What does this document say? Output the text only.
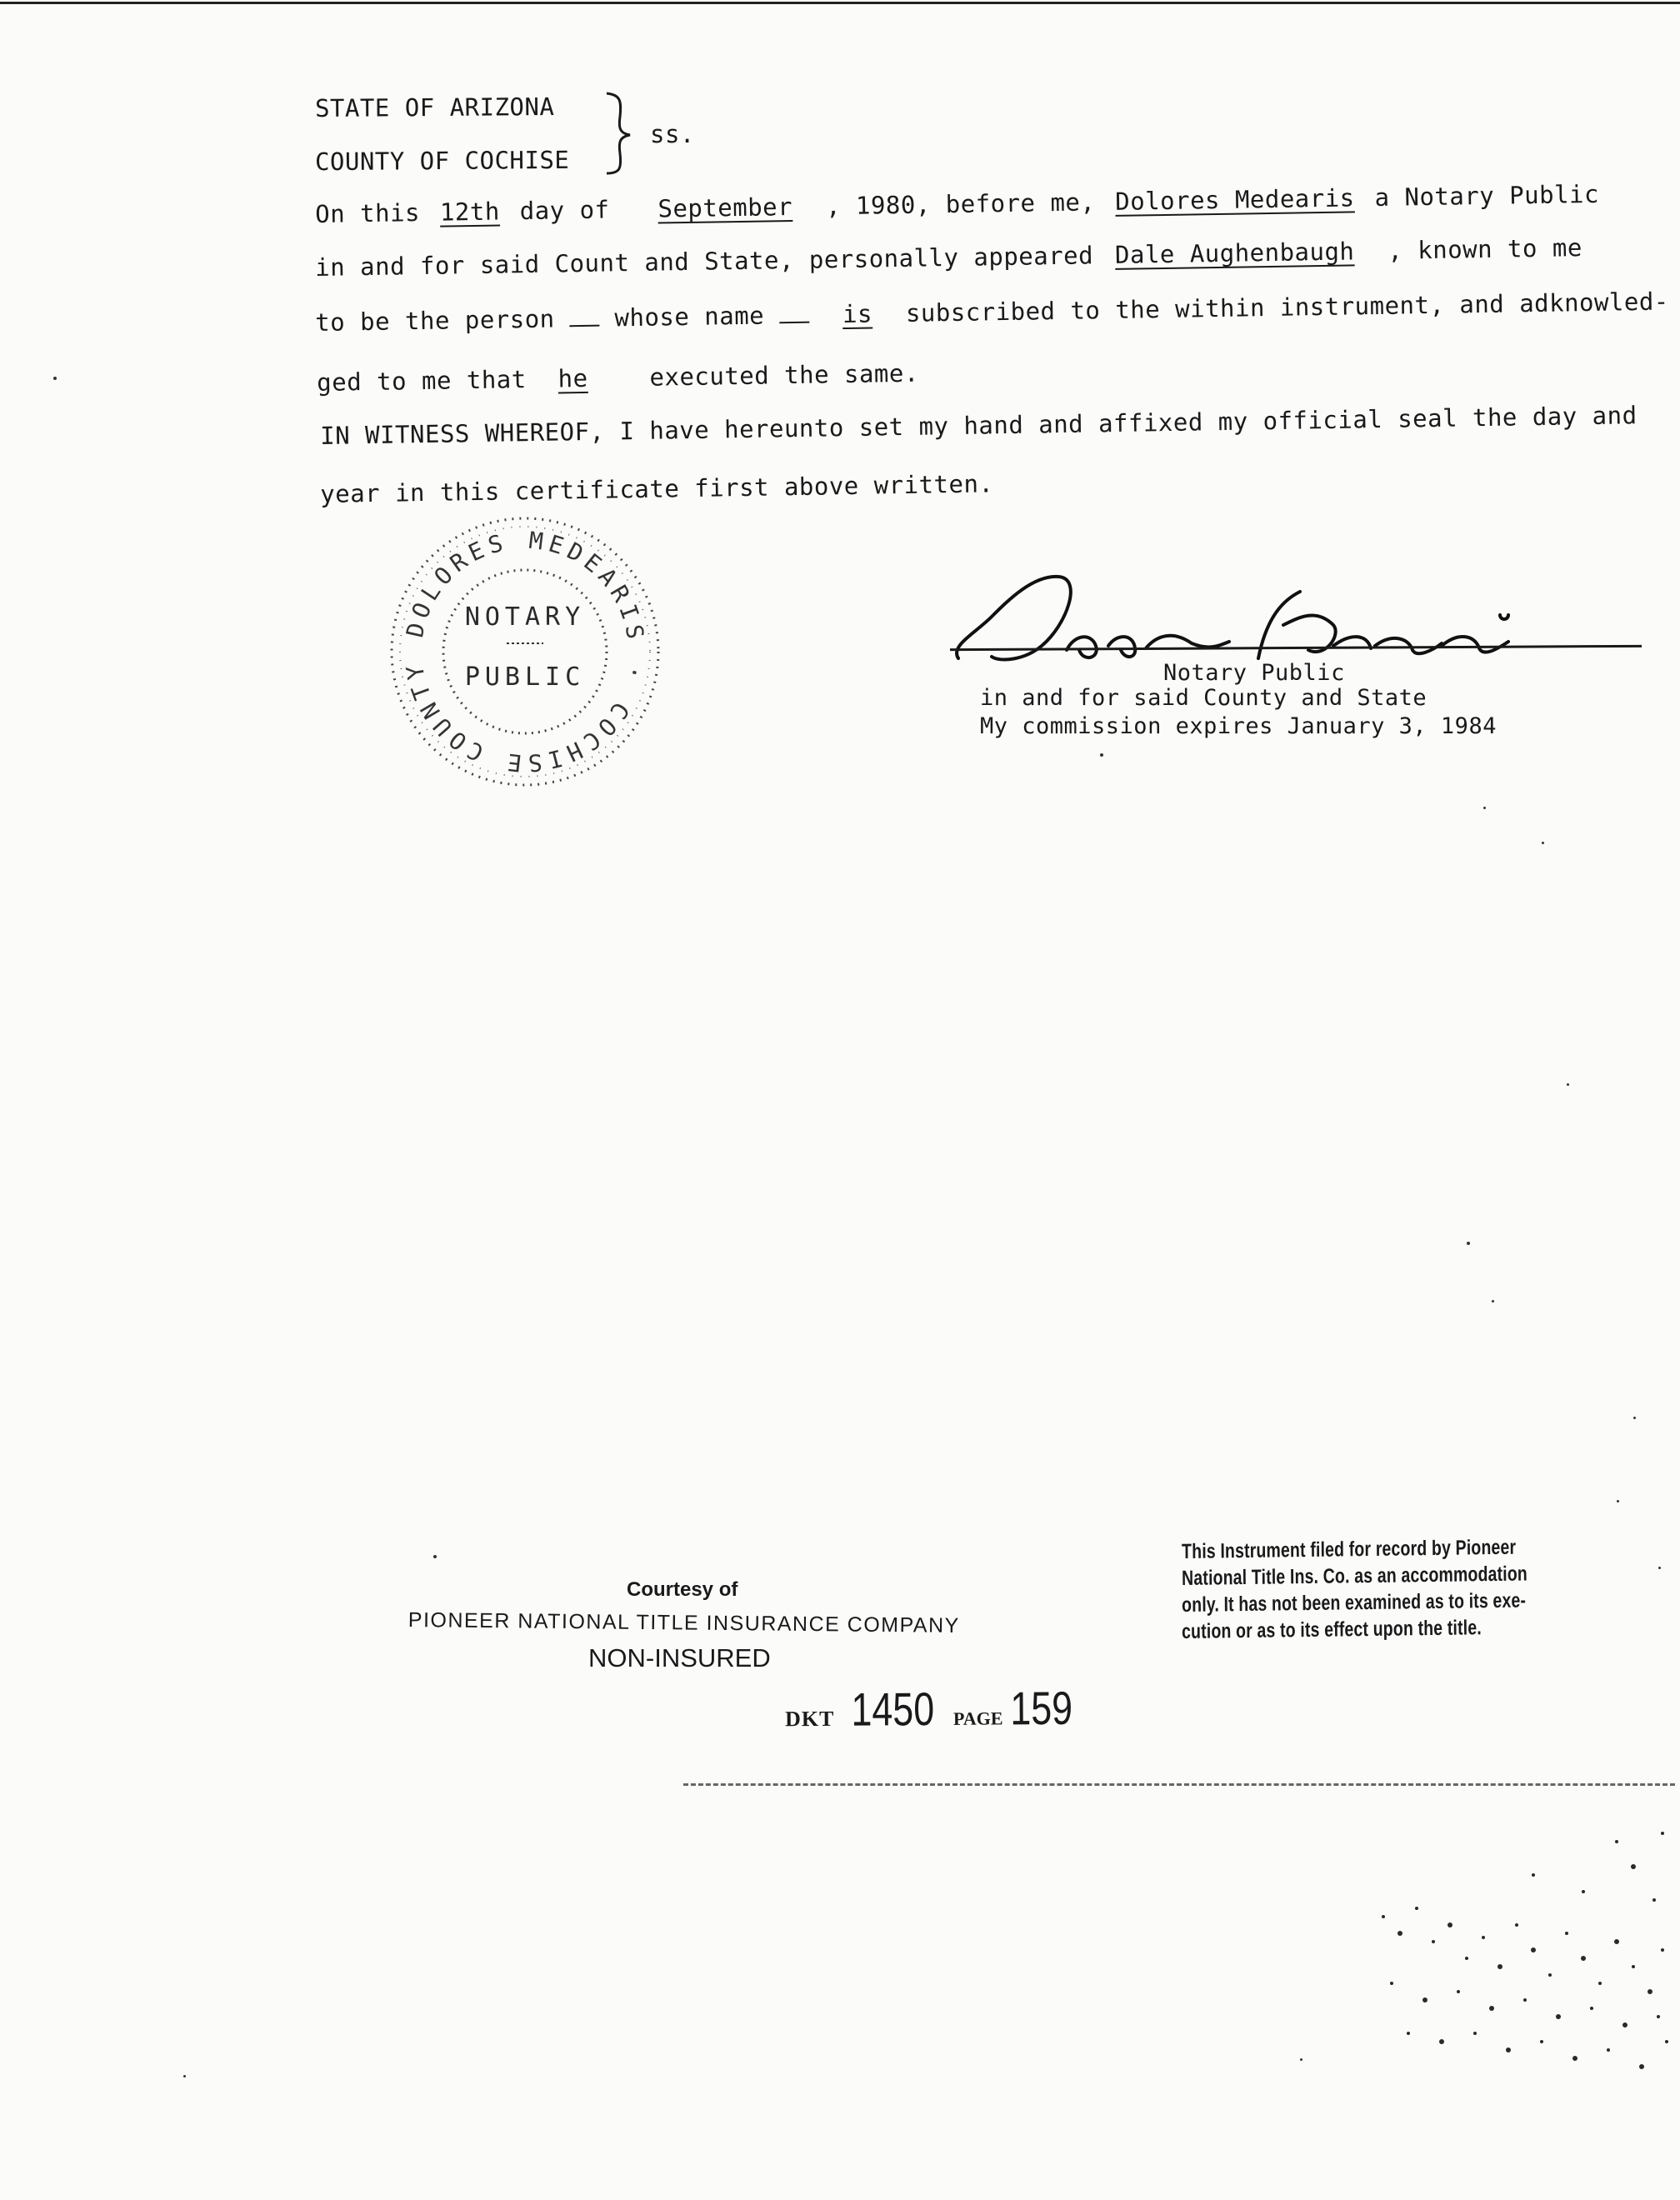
STATE OF ARIZONA
COUNTY OF COCHISE
ss.
On this 12th day of September , 1980, before me, Dolores Medearis a Notary Public
in and for said Count and State, personally appeared Dale Aughenbaugh , known to me
to be the person whose name	is subscribed to the within instrument, and adknowled-
ged to me that he	executed the same.
IN WITNESS WHEREOF, I have hereunto set my hand and affixed my official seal the day and
year in this certificate first above written.
DOLORES MEDEARIS · COCHISE COUNTY
NOTARY
PUBLIC	Notary Public
in and for said County and State
My commission expires January 3, 1984
Courtesy of
PIONEER NATIONAL TITLE INSURANCE COMPANY
NON-INSURED
DKT 1450 PAGE 159
This Instrument filed for record by Pioneer
National Title Ins. Co. as an accommodation
only. It has not been examined as to its exe-
cution or as to its effect upon the title.
